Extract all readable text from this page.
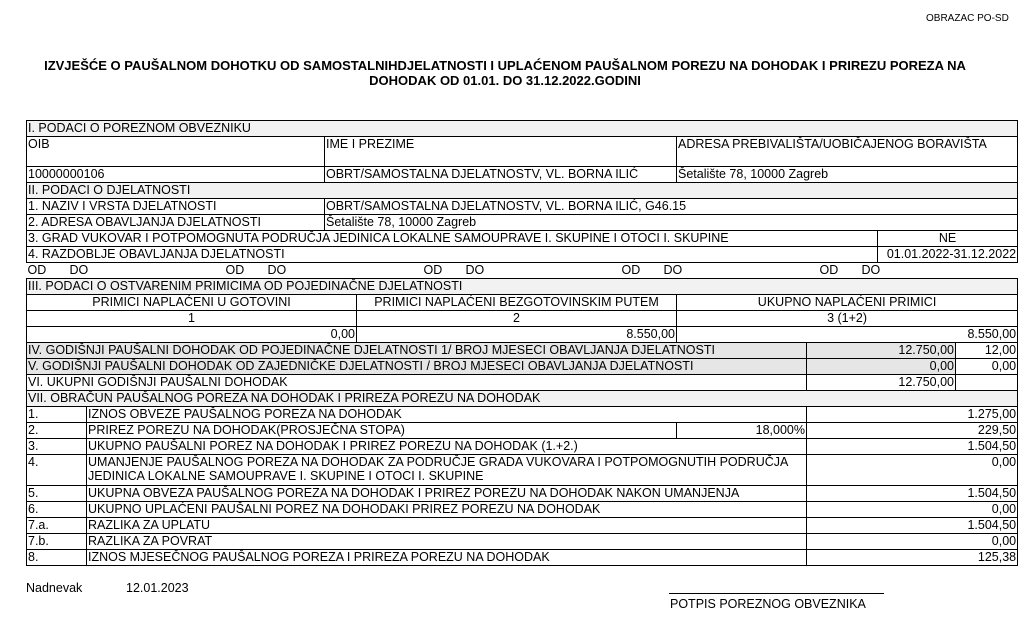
OBRAZAC PO-SD
IZVJEŠĆE O PAUŠALNOM DOHOTKU OD SAMOSTALNIHDJELATNOSTI I UPLAĆENOM PAUŠALNOM POREZU NA DOHODAK I PRIREZU POREZA NA
DOHODAK OD 01.01. DO 31.12.2022.GODINI
I. PODACI O POREZNOM OBVEZNIKU							
OIB		IME I PREZIME		ADRESA PREBIVALIŠTA/UOBIČAJENOG BORAVIŠTA			
10000000106		OBRT/SAMOSTALNA DJELATNOSTV, VL. BORNA ILIĆ		Šetalište 78, 10000 Zagreb			
II. PODACI O DJELATNOSTI							
1. NAZIV I VRSTA DJELATNOSTI		OBRT/SAMOSTALNA DJELATNOSTV, VL. BORNA ILIĆ, G46.15					
2. ADRESA OBAVLJANJA DJELATNOSTI		Šetalište 78, 10000 Zagreb					
3. GRAD VUKOVAR I POTPOMOGNUTA PODRUČJA JEDINICA LOKALNE SAMOUPRAVE I. SKUPINE I OTOCI I. SKUPINE						NE	
4. RAZDOBLJE OBAVLJANJA DJELATNOSTI						01.01.2022-31.12.2022	
OD DO OD DO OD DO OD DO OD DO							
III. PODACI O OSTVARENIM PRIMICIMA OD POJEDINAČNE DJELATNOSTI							
PRIMICI NAPLAĆENI U GOTOVINI			PRIMICI NAPLAĆENI BEZGOTOVINSKIM PUTEM	UKUPNO NAPLAĆENI PRIMICI			
1			2	3 (1+2)			
0,00			8.550,00	8.550,00			
IV. GODIŠNJI PAUŠALNI DOHODAK OD POJEDINAČNE DJELATNOSTI 1/ BROJ MJESECI OBAVLJANJA DJELATNOSTI					12.750,00		12,00
V. GODIŠNJI PAUŠALNI DOHODAK OD ZAJEDNIČKE DJELATNOSTI / BROJ MJESECI OBAVLJANJA DJELATNOSTI					0,00		0,00
VI. UKUPNI GODIŠNJI PAUŠALNI DOHODAK					12.750,00		
VII. OBRAČUN PAUŠALNOG POREZA NA DOHODAK I PRIREZA POREZU NA DOHODAK							
1.	IZNOS OBVEZE PAUŠALNOG POREZA NA DOHODAK				1.275,00		
2.	PRIREZ POREZU NA DOHODAK(PROSJEČNA STOPA)			18,000%	229,50		
3.	UKUPNO PAUŠALNI POREZ NA DOHODAK I PRIREZ POREZU NA DOHODAK (1.+2.)				1.504,50		
4.	UMANJENJE PAUŠALNOG POREZA NA DOHODAK ZA PODRUČJE GRADA VUKOVARA I POTPOMOGNUTIH PODRUČJA JEDINICA LOKALNE SAMOUPRAVE I. SKUPINE I OTOCI I. SKUPINE				0,00		
5.	UKUPNA OBVEZA PAUŠALNOG POREZA NA DOHODAK I PRIREZ POREZU NA DOHODAK NAKON UMANJENJA				1.504,50		
6.	UKUPNO UPLAĆENI PAUŠALNI POREZ NA DOHODAKI PRIREZ POREZU NA DOHODAK				0,00		
7.a.	RAZLIKA ZA UPLATU				1.504,50		
7.b.	RAZLIKA ZA POVRAT				0,00		
8.	IZNOS MJESEČNOG PAUŠALNOG POREZA I PRIREZA POREZU NA DOHODAK				125,38		
Nadnevak	12.01.2023
POTPIS POREZNOG OBVEZNIKA
